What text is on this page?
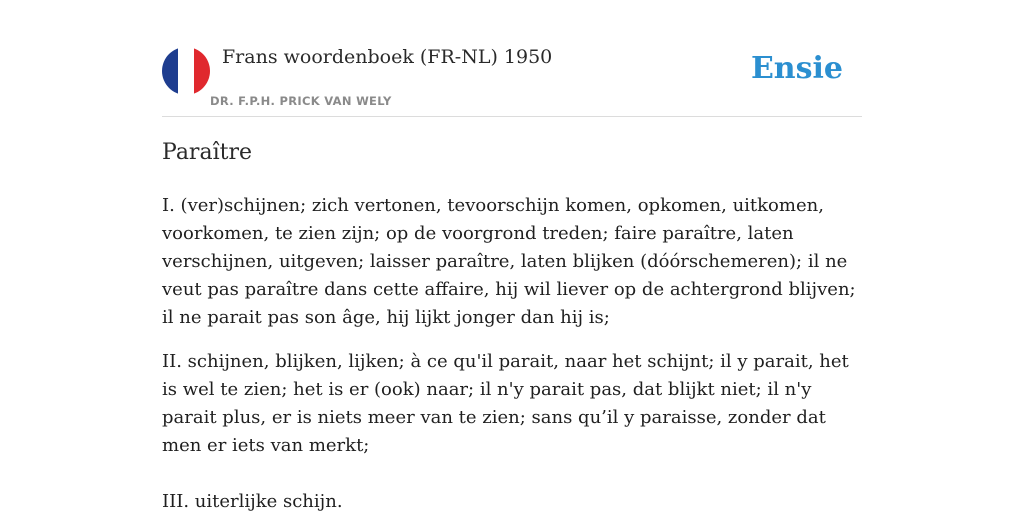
Frans woordenboek (FR-NL) 1950
DR. F.P.H. PRICK VAN WELY
Ensie
Paraître

I. (ver)schijnen; zich vertonen, tevoorschijn komen, opkomen, uitkomen, voorkomen, te zien zijn; op de voorgrond treden; faire paraître, laten verschijnen, uitgeven; laisser paraître, laten blijken (dóórschemeren); il ne veut pas paraître dans cette affaire, hij wil liever op de achtergrond blijven; il ne parait pas son âge, hij lijkt jonger dan hij is;

II. schijnen, blijken, lijken; à ce qu'il parait, naar het schijnt; il y parait, het is wel te zien; het is er (ook) naar; il n'y parait pas, dat blijkt niet; il n'y parait plus, er is niets meer van te zien; sans qu’il y paraisse, zonder dat men er iets van merkt;

III. uiterlijke schijn.
